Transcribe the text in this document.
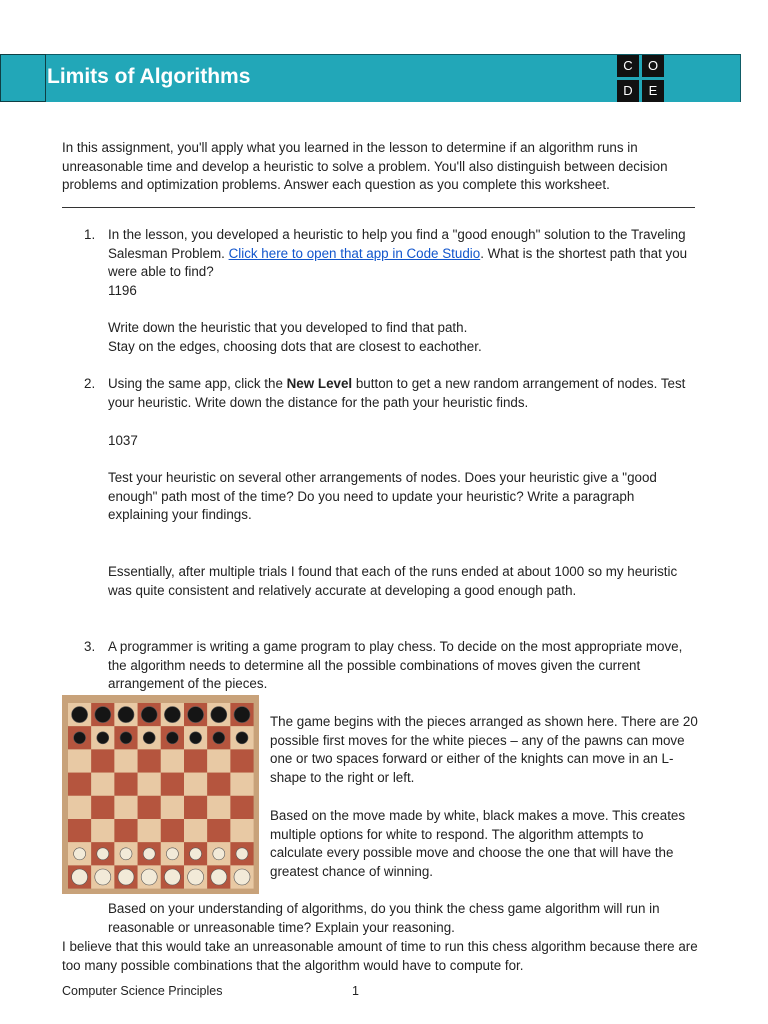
Limits of Algorithms	C	O
D	E

In this assignment, you'll apply what you learned in the lesson to determine if an algorithm runs in unreasonable time and develop a heuristic to solve a problem. You'll also distinguish between decision problems and optimization problems. Answer each question as you complete this worksheet.

1. In the lesson, you developed a heuristic to help you find a "good enough" solution to the Traveling Salesman Problem. Click here to open that app in Code Studio. What is the shortest path that you were able to find?

1196

Write down the heuristic that you developed to find that path.

Stay on the edges, choosing dots that are closest to eachother.

2. Using the same app, click the New Level button to get a new random arrangement of nodes. Test your heuristic. Write down the distance for the path your heuristic finds.

1037

Test your heuristic on several other arrangements of nodes. Does your heuristic give a "good enough" path most of the time? Do you need to update your heuristic? Write a paragraph explaining your findings.

Essentially, after multiple trials I found that each of the runs ended at about 1000 so my heuristic was quite consistent and relatively accurate at developing a good enough path.

3. A programmer is writing a game program to play chess. To decide on the most appropriate move, the algorithm needs to determine all the possible combinations of moves given the current arrangement of the pieces.

The game begins with the pieces arranged as shown here. There are 20 possible first moves for the white pieces – any of the pawns can move one or two spaces forward or either of the knights can move in an L-shape to the right or left.

Based on the move made by white, black makes a move. This creates multiple options for white to respond. The algorithm attempts to calculate every possible move and choose the one that will have the greatest chance of winning.

Based on your understanding of algorithms, do you think the chess game algorithm will run in reasonable or unreasonable time? Explain your reasoning.

I believe that this would take an unreasonable amount of time to run this chess algorithm because there are too many possible combinations that the algorithm would have to compute for.

Computer Science Principles	1
